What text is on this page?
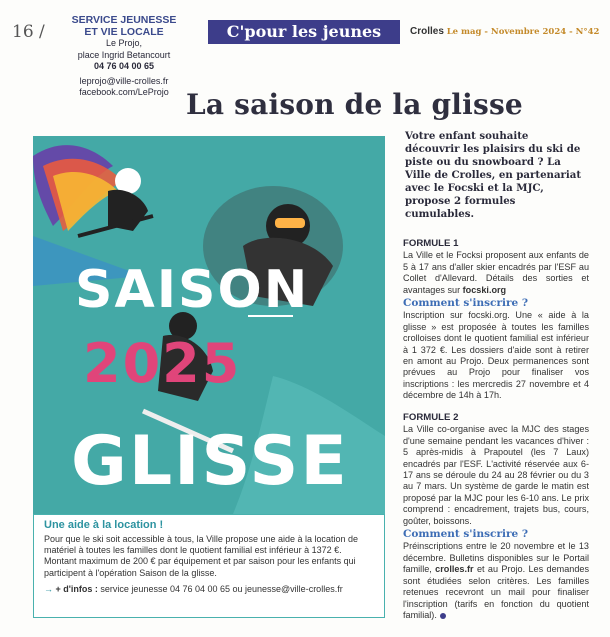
16 /
SERVICE JEUNESSE
ET VIE LOCALE
Le Projo,
place Ingrid Betancourt
04 76 04 00 65
leprojo@ville-crolles.fr
facebook.com/LeProjo
C'pour les jeunes	Crolles Le mag - Novembre 2024 - N°42
La saison de la glisse
SAISON
2025
GLISSE
Une aide à la location !
Pour que le ski soit accessible à tous, la Ville propose une aide à la location de matériel à toutes les familles dont le quotient familial est inférieur à 1372 €. Montant maximum de 200 € par équipement et par saison pour les enfants qui participent à l'opération Saison de la glisse.
→ + d'infos : service jeunesse 04 76 04 00 65 ou jeunesse@ville-crolles.fr
Votre enfant souhaite découvrir les plaisirs du ski de piste ou du snowboard ? La Ville de Crolles, en partenariat avec le Focski et la MJC, propose 2 formules cumulables.
FORMULE 1
La Ville et le Focksi proposent aux enfants de 5 à 17 ans d'aller skier encadrés par l'ESF au Collet d'Allevard. Détails des sorties et avantages sur focski.org
Comment s'inscrire ?
Inscription sur focski.org. Une « aide à la glisse » est proposée à toutes les familles crolloises dont le quotient familial est inférieur à 1 372 €. Les dossiers d'aide sont à retirer en amont au Projo. Deux permanences sont prévues au Projo pour finaliser vos inscriptions : les mercredis 27 novembre et 4 décembre de 14h à 17h.
FORMULE 2
La Ville co-organise avec la MJC des stages d'une semaine pendant les vacances d'hiver : 5 après-midis à Prapoutel (les 7 Laux) encadrés par l'ESF. L'activité réservée aux 6-17 ans se déroule du 24 au 28 février ou du 3 au 7 mars. Un système de garde le matin est proposé par la MJC pour les 6-10 ans. Le prix comprend : encadrement, trajets bus, cours, goûter, boissons.
Comment s'inscrire ?
Préinscriptions entre le 20 novembre et le 13 décembre. Bulletins disponibles sur le Portail famille, crolles.fr et au Projo. Les demandes sont étudiées selon critères. Les familles retenues recevront un mail pour finaliser l'inscription (tarifs en fonction du quotient familial).
